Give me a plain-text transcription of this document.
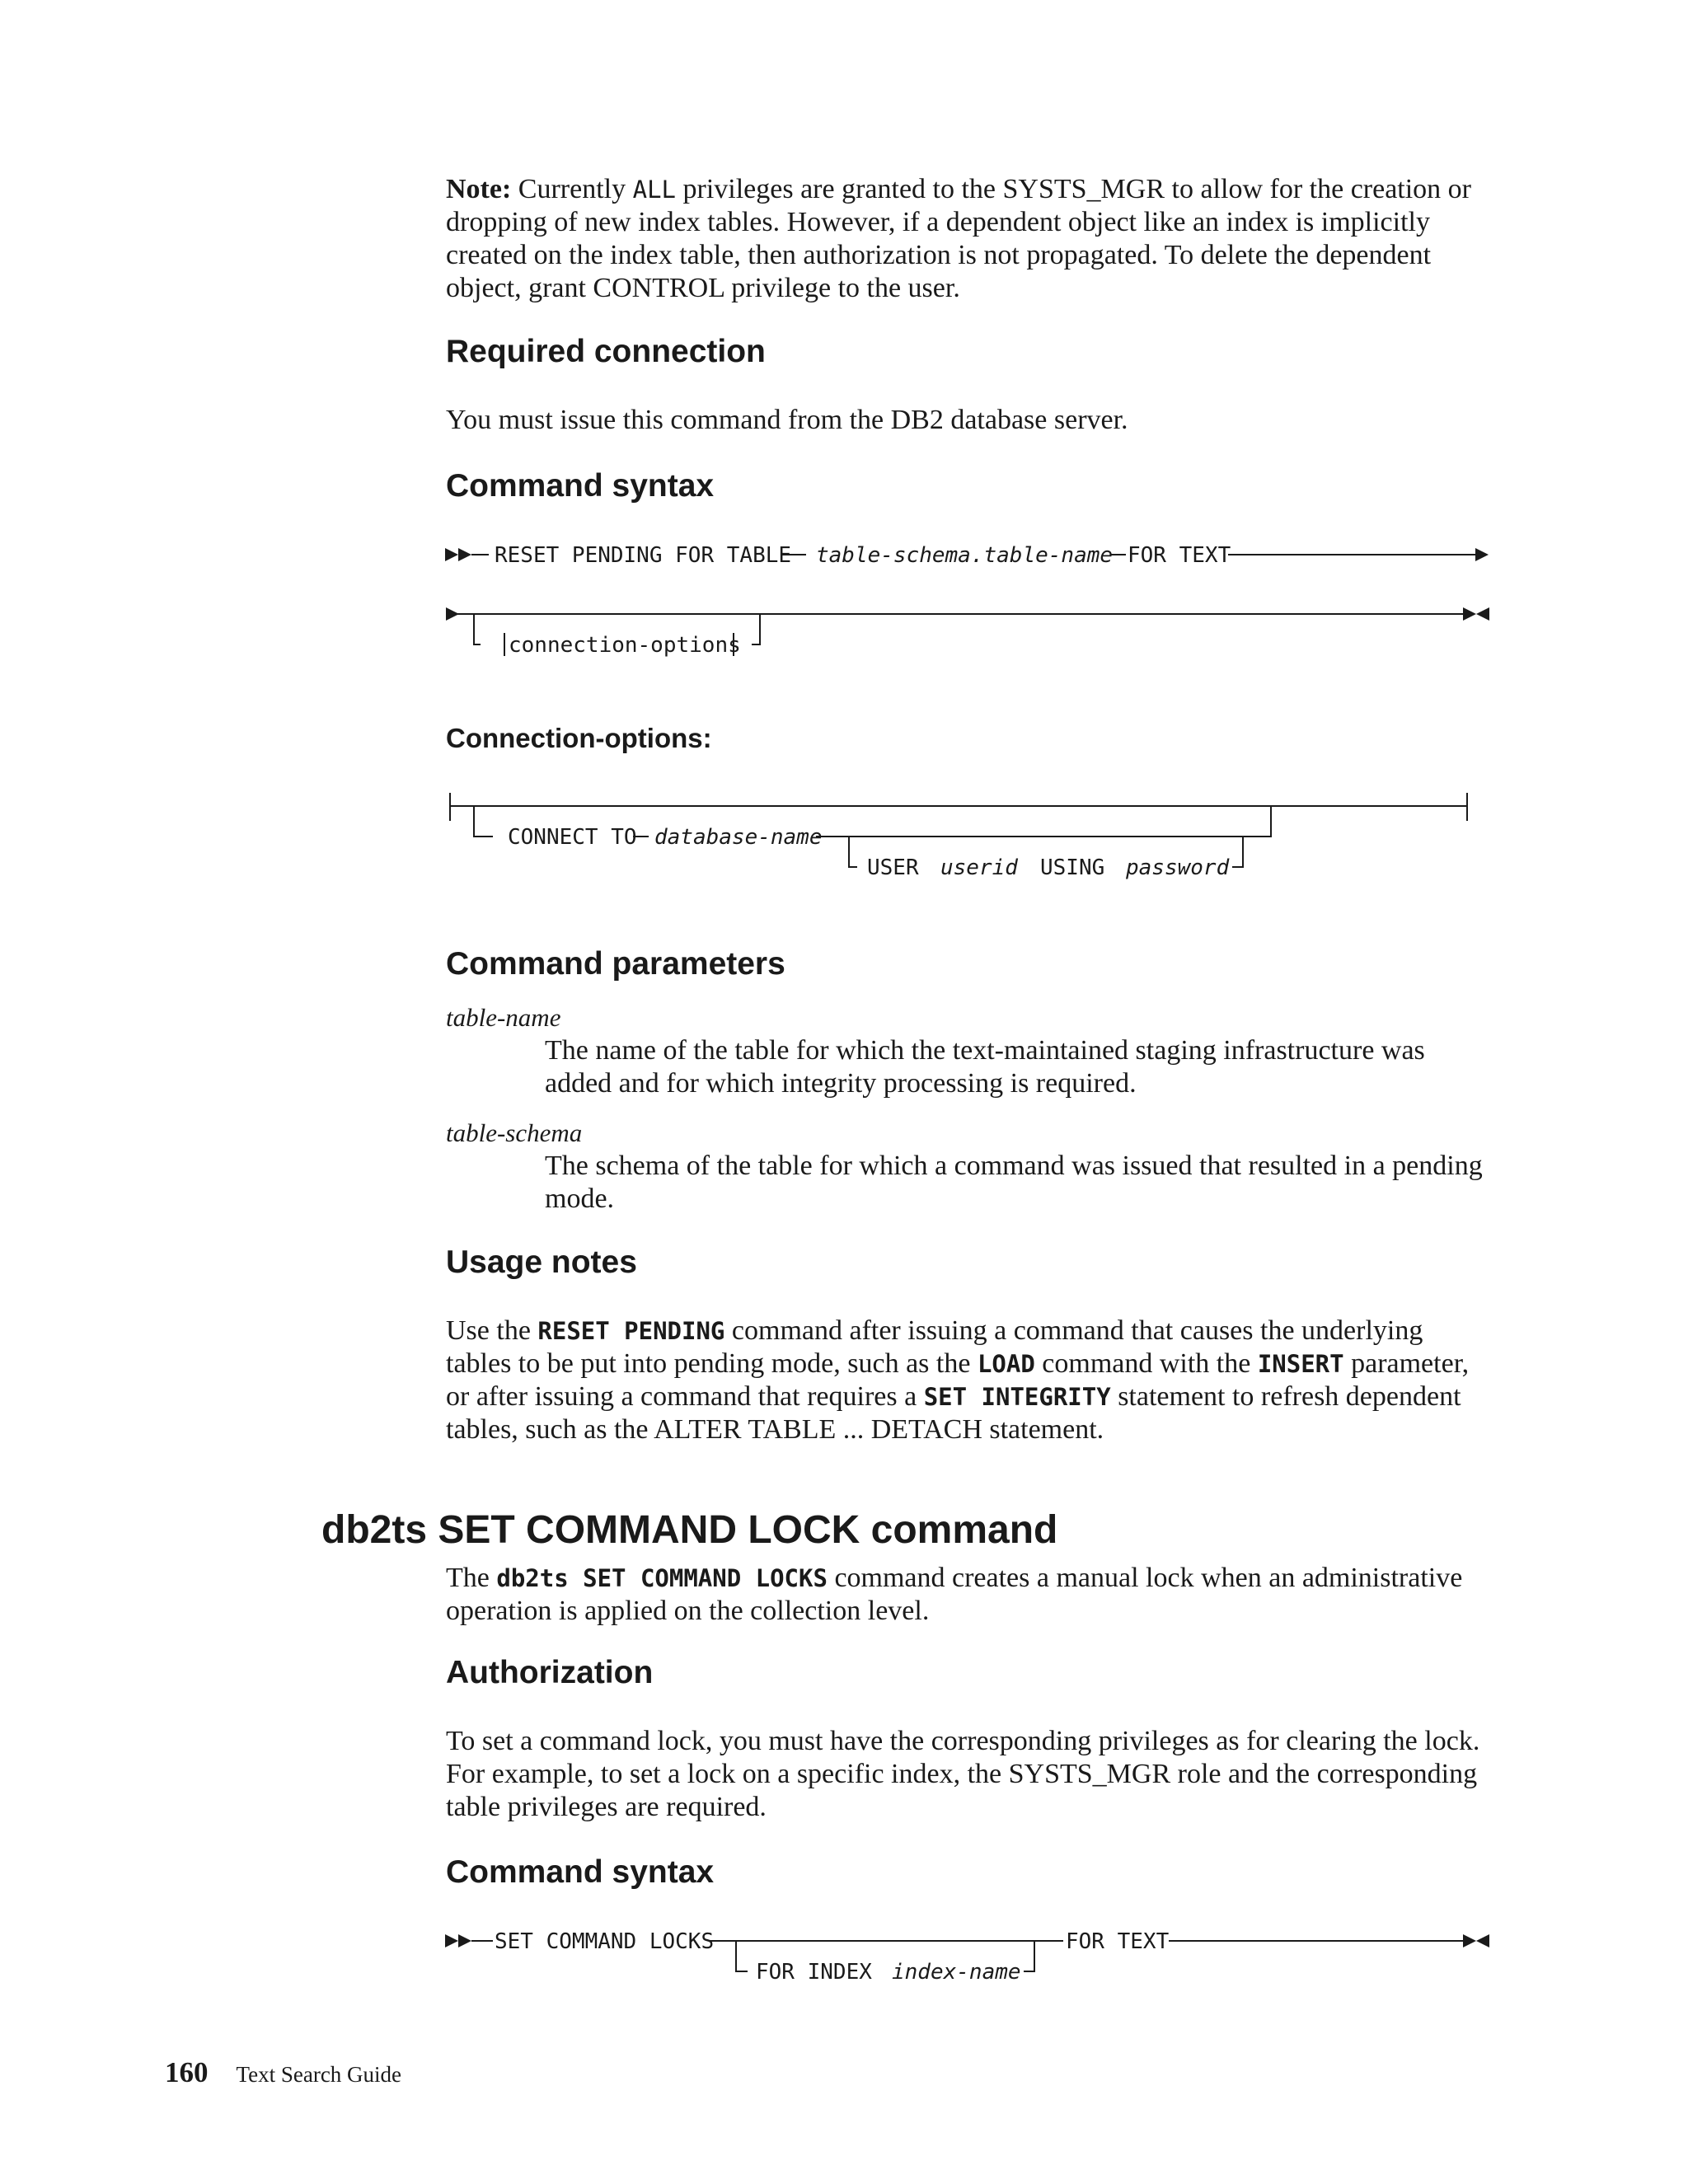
Note: Currently ALL privileges are granted to the SYSTS_MGR to allow for the creation or dropping of new index tables. However, if a dependent object like an index is implicitly created on the index table, then authorization is not propagated. To delete the dependent object, grant CONTROL privilege to the user.

Required connection

You must issue this command from the DB2 database server.

Command syntax
RESET PENDING FOR TABLE table-schema.table-name FOR TEXT
connection-options
CONNECT TO database-name
USER userid USING password
SET COMMAND LOCKS
FOR INDEX index-name
FOR TEXT
Connection-options:
Command parameters
table-name

The name of the table for which the text-maintained staging infrastructure was added and for which integrity processing is required.

table-schema

The schema of the table for which a command was issued that resulted in a pending mode.

Usage notes

Use the RESET PENDING command after issuing a command that causes the underlying tables to be put into pending mode, such as the LOAD command with the INSERT parameter, or after issuing a command that requires a SET INTEGRITY statement to refresh dependent tables, such as the ALTER TABLE ... DETACH statement.

db2ts SET COMMAND LOCK command

The db2ts SET COMMAND LOCKS command creates a manual lock when an administrative operation is applied on the collection level.

Authorization

To set a command lock, you must have the corresponding privileges as for clearing the lock. For example, to set a lock on a specific index, the SYSTS_MGR role and the corresponding table privileges are required.

Command syntax
160 Text Search Guide
